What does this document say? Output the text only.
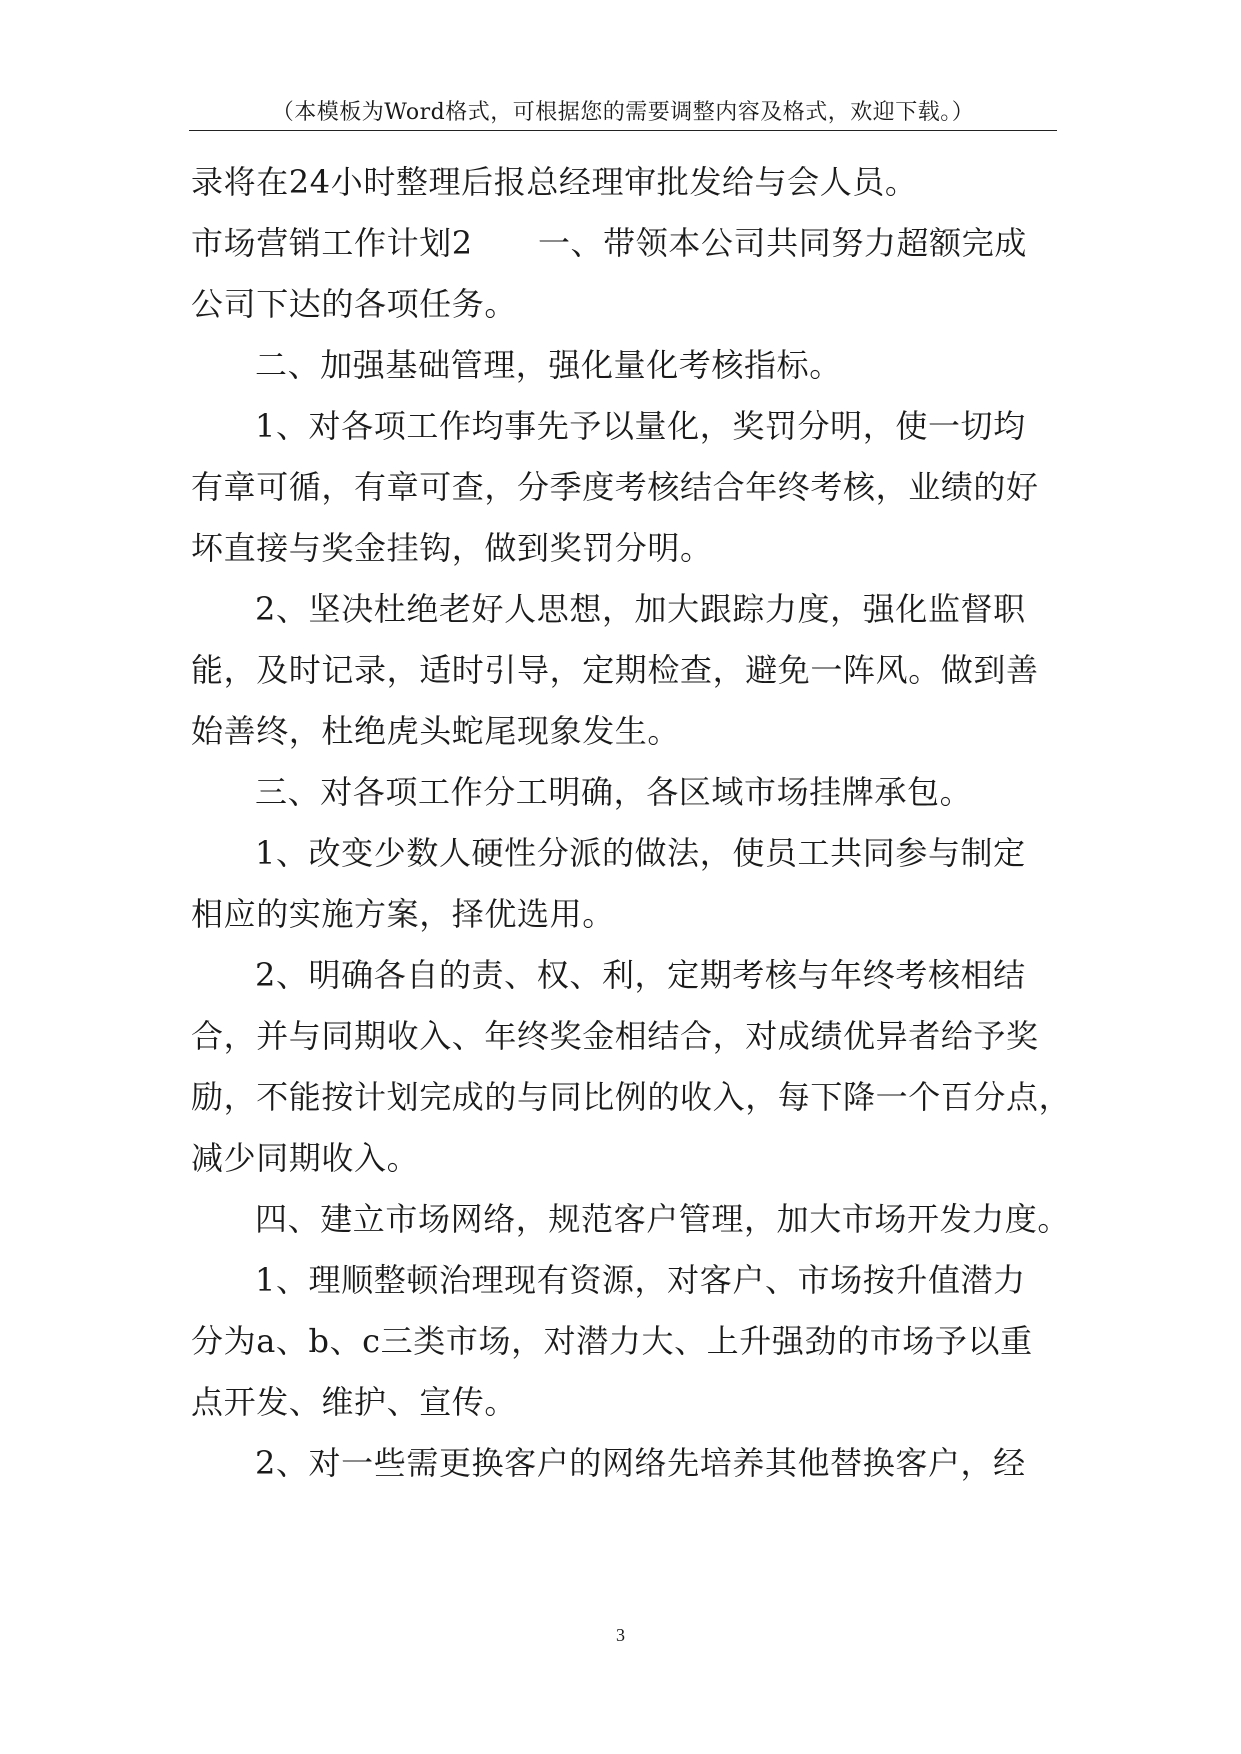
（本模板为Word格式，可根据您的需要调整内容及格式，欢迎下载。）
录将在24小时整理后报总经理审批发给与会人员。
市场营销工作计划2　　一、带领本公司共同努力超额完成
公司下达的各项任务。
二、加强基础管理，强化量化考核指标。
1、对各项工作均事先予以量化，奖罚分明，使一切均
有章可循，有章可查，分季度考核结合年终考核，业绩的好
坏直接与奖金挂钩，做到奖罚分明。
2、坚决杜绝老好人思想，加大跟踪力度，强化监督职
能，及时记录，适时引导，定期检查，避免一阵风。做到善
始善终，杜绝虎头蛇尾现象发生。
三、对各项工作分工明确，各区域市场挂牌承包。
1、改变少数人硬性分派的做法，使员工共同参与制定
相应的实施方案，择优选用。
2、明确各自的责、权、利，定期考核与年终考核相结
合，并与同期收入、年终奖金相结合，对成绩优异者给予奖
励，不能按计划完成的与同比例的收入，每下降一个百分点，
减少同期收入。
四、建立市场网络，规范客户管理，加大市场开发力度。
1、理顺整顿治理现有资源，对客户、市场按升值潜力
分为a、b、c三类市场，对潜力大、上升强劲的市场予以重
点开发、维护、宣传。
2、对一些需更换客户的网络先培养其他替换客户，经
3
